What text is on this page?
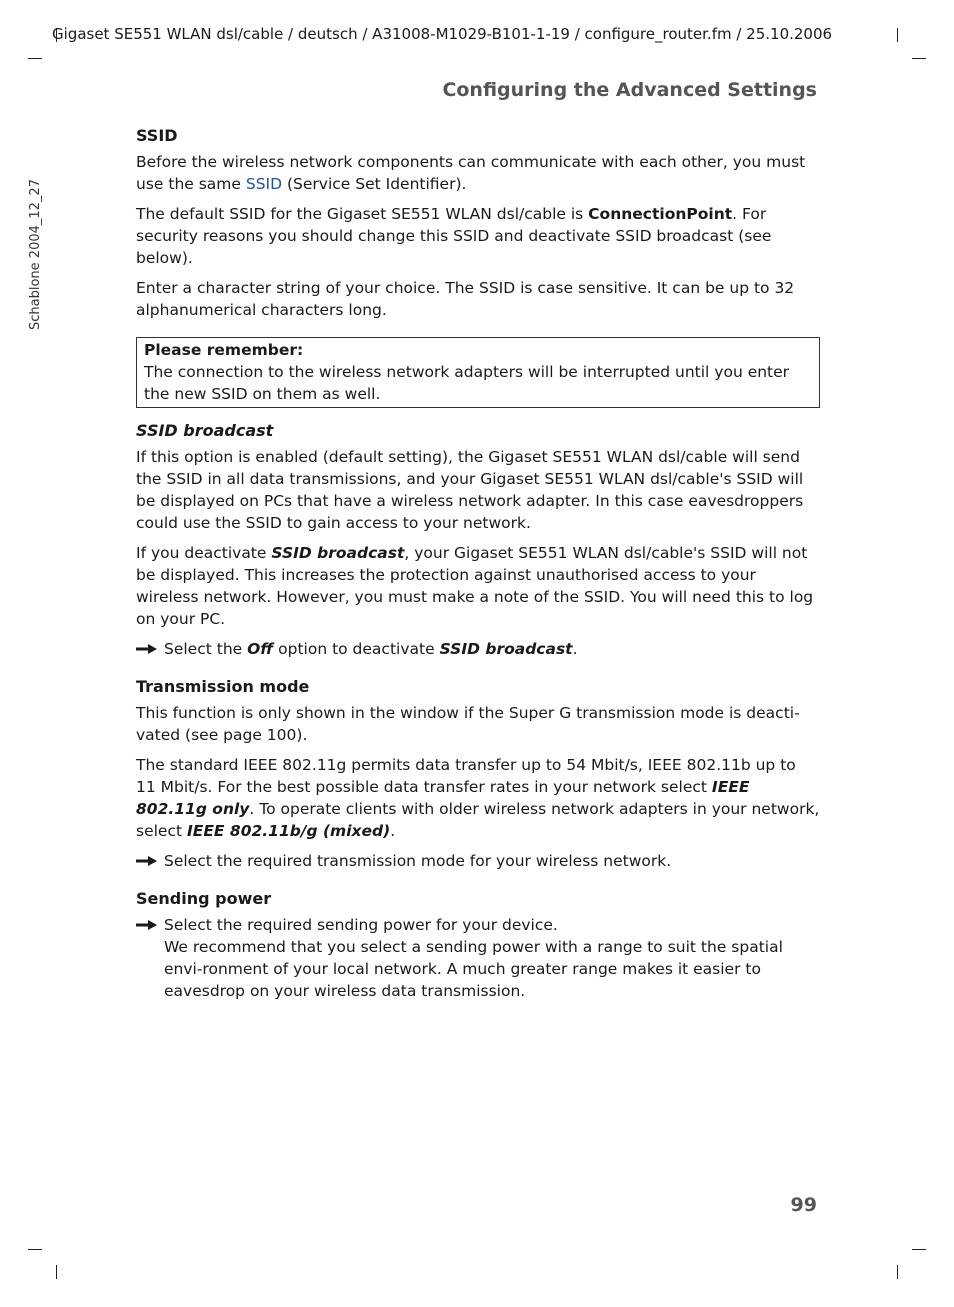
Gigaset SE551 WLAN dsl/cable / deutsch / A31008-M1029-B101-1-19 / configure_router.fm / 25.10.2006
Schablone 2004_12_27
Configuring the Advanced Settings
SSID

Before the wireless network components can communicate with each other, you must use the same SSID (Service Set Identifier).

The default SSID for the Gigaset SE551 WLAN dsl/cable is ConnectionPoint. For security reasons you should change this SSID and deactivate SSID broadcast (see below).

Enter a character string of your choice. The SSID is case sensitive. It can be up to 32 alphanumerical characters long.

Please remember:
The connection to the wireless network adapters will be interrupted until you enter the new SSID on them as well.
SSID broadcast

If this option is enabled (default setting), the Gigaset SE551 WLAN dsl/cable will send the SSID in all data transmissions, and your Gigaset SE551 WLAN dsl/cable's SSID will be displayed on PCs that have a wireless network adapter. In this case eavesdroppers could use the SSID to gain access to your network.

If you deactivate SSID broadcast, your Gigaset SE551 WLAN dsl/cable's SSID will not be displayed. This increases the protection against unauthorised access to your wireless network. However, you must make a note of the SSID. You will need this to log on your PC.

Select the Off option to deactivate SSID broadcast.
Transmission mode

This function is only shown in the window if the Super G transmission mode is deacti-vated (see page 100).

The standard IEEE 802.11g permits data transfer up to 54 Mbit/s, IEEE 802.11b up to 11 Mbit/s. For the best possible data transfer rates in your network select IEEE 802.11g only. To operate clients with older wireless network adapters in your network, select IEEE 802.11b/g (mixed).

Select the required transmission mode for your wireless network.
Sending power
Select the required sending power for your device.
We recommend that you select a sending power with a range to suit the spatial envi-ronment of your local network. A much greater range makes it easier to eavesdrop on your wireless data transmission.
99
